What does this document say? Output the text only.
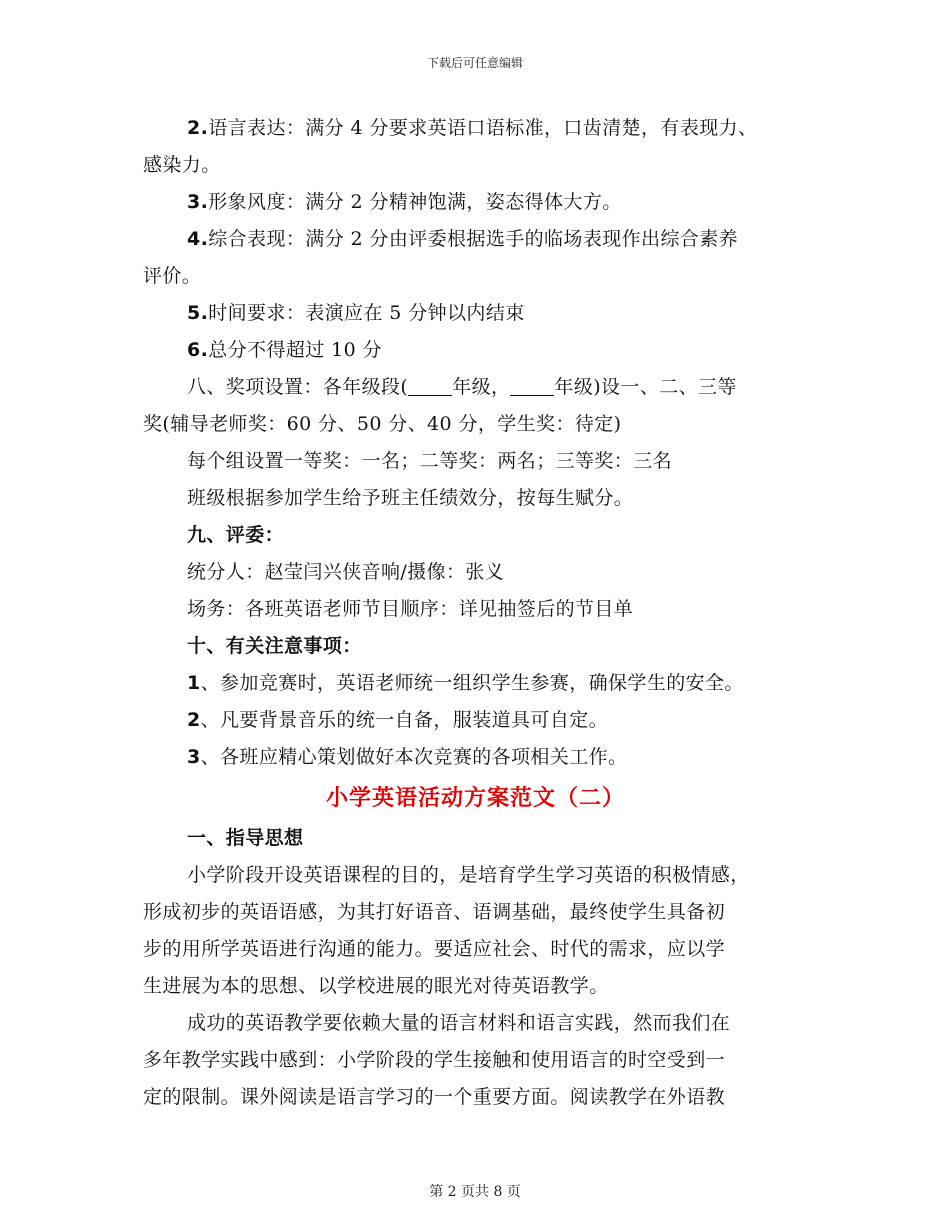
下载后可任意编辑
2.语言表达：满分 4 分要求英语口语标准，口齿清楚，有表现力、
感染力。
3.形象风度：满分 2 分精神饱满，姿态得体大方。
4.综合表现：满分 2 分由评委根据选手的临场表现作出综合素养
评价。
5.时间要求：表演应在 5 分钟以内结束
6.总分不得超过 10 分
八、奖项设置：各年级段( 年级， 年级)设一、二、三等
奖(辅导老师奖：60 分、50 分、40 分，学生奖：待定)
每个组设置一等奖：一名；二等奖：两名；三等奖：三名
班级根据参加学生给予班主任绩效分，按每生赋分。
九、评委：
统分人：赵莹闫兴侠音响/摄像：张义
场务：各班英语老师节目顺序：详见抽签后的节目单
十、有关注意事项：
1、参加竞赛时，英语老师统一组织学生参赛，确保学生的安全。
2、凡要背景音乐的统一自备，服装道具可自定。
3、各班应精心策划做好本次竞赛的各项相关工作。
小学英语活动方案范文（二）
一、指导思想
小学阶段开设英语课程的目的，是培育学生学习英语的积极情感，
形成初步的英语语感，为其打好语音、语调基础，最终使学生具备初
步的用所学英语进行沟通的能力。要适应社会、时代的需求，应以学
生进展为本的思想、以学校进展的眼光对待英语教学。
成功的英语教学要依赖大量的语言材料和语言实践，然而我们在
多年教学实践中感到：小学阶段的学生接触和使用语言的时空受到一
定的限制。课外阅读是语言学习的一个重要方面。阅读教学在外语教
第 2 页共 8 页
